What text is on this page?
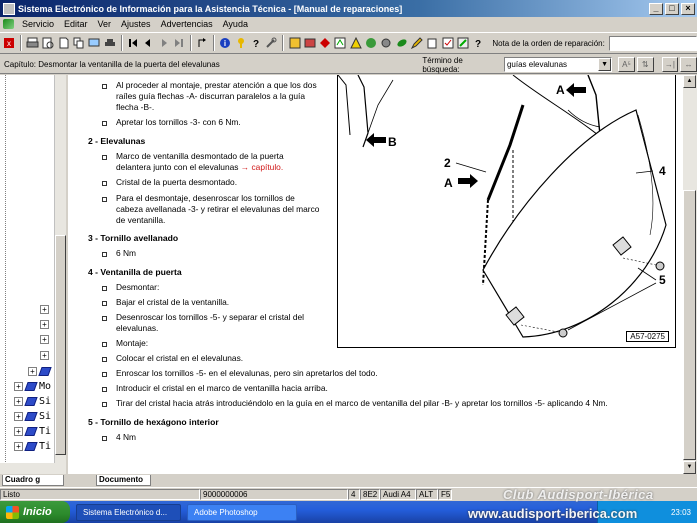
Sistema Electrónico de Información para la Asistencia Técnica - [Manual de reparaciones]	_	□	×
Servicio	Editar	Ver	Ajustes	Advertencias	Ayuda
x	i	?	? Nota de la orden de reparación:
Capítulo: Desmontar la ventanilla de la puerta del elevalunas	Término de búsqueda:	guías elevalunas	▼	A⁵	⇅	→|	↔
+
+
+
+
+
+ Mo
+ Si
+ Si
+ Ti
+ Ti
Cuadro g
Al proceder al montaje, prestar atención a que los dos
raíles guía flechas -A- discurran paralelos a la guía
flecha -B-.
Apretar los tornillos -3- con 6 Nm.
2 - Elevalunas
Marco de ventanilla desmontado de la puerta
delantera junto con el elevalunas → capítulo.
Cristal de la puerta desmontado.
Para el desmontaje, desenroscar los tornillos de
cabeza avellanada -3- y retirar el elevalunas del marco
de ventanilla.
3 - Tornillo avellanado
6 Nm
4 - Ventanilla de puerta
Desmontar:
Bajar el cristal de la ventanilla.
Desenroscar los tornillos -5- y separar el cristal del
elevalunas.
Montaje:
Colocar el cristal en el elevalunas.
Enroscar los tornillos -5- en el elevalunas, pero sin apretarlos del todo.
Introducir el cristal en el marco de ventanilla hacia arriba.
Tirar del cristal hacia atrás introduciéndolo en la guía en el marco de ventanilla del pilar -B- y apretar los tornillos -5- aplicando 4 Nm.
5 - Tornillo de hexágono interior
4 Nm
A
B
2
A
4
5
A57-0275
▲
▼
Documento
Listo	9000000006	4 8E2 Audi A4	ALT F5
Inicio	Sistema Electrónico d...	Adobe Photoshop	23:03
Club Audisport-Ibérica
www.audisport-iberica.com
